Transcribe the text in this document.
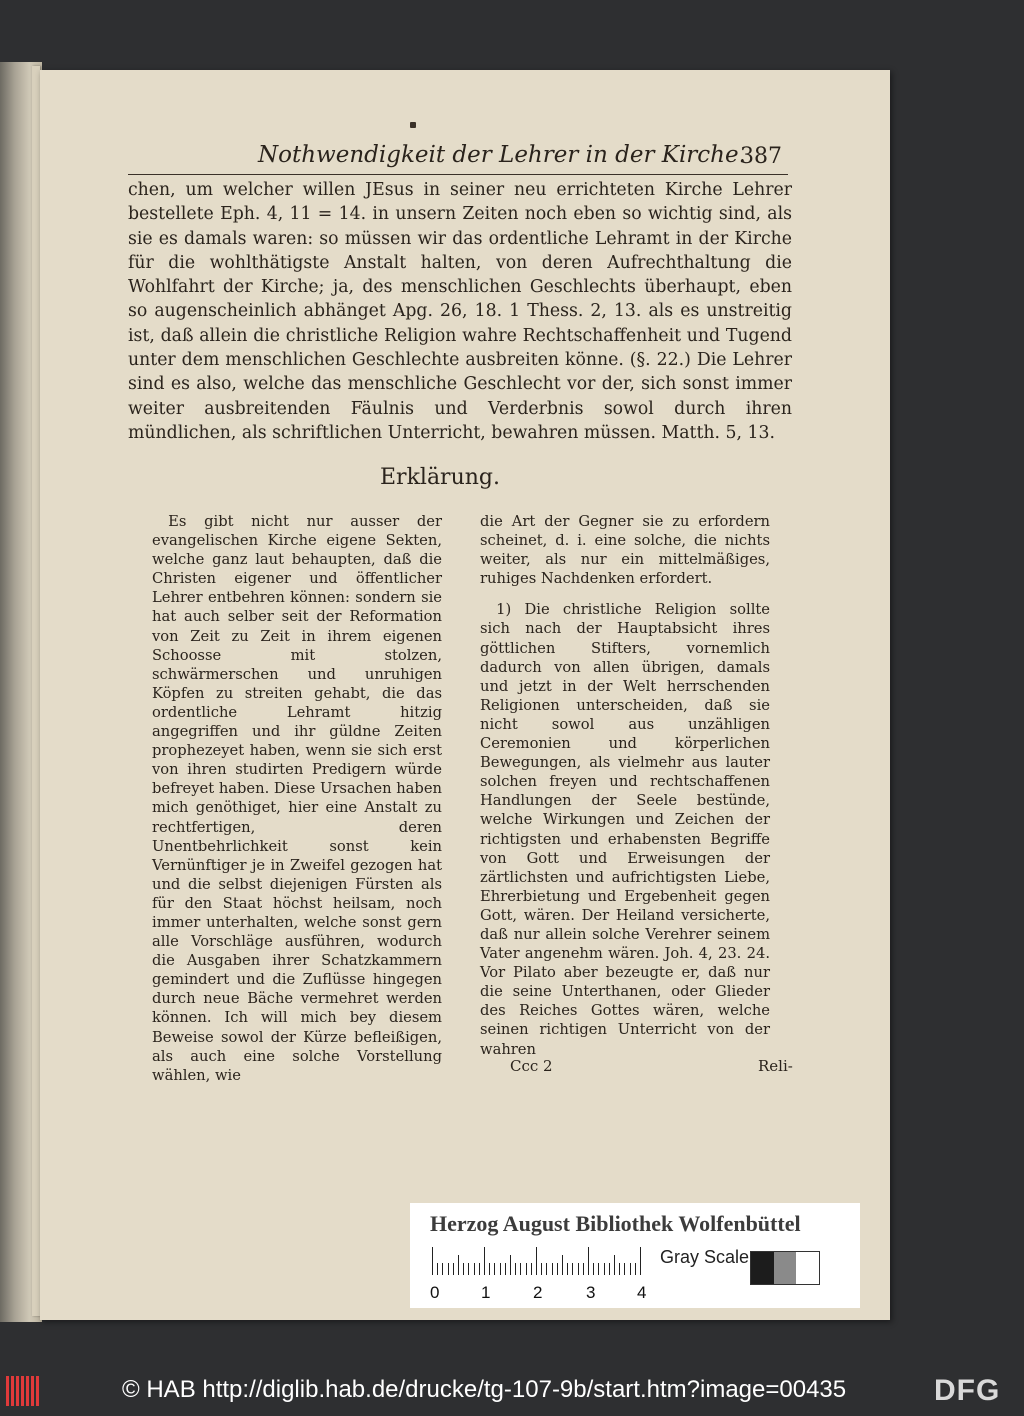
Nothwendigkeit der Lehrer in der Kirche.
387
chen, um welcher willen JEsus in seiner neu errichteten Kirche Lehrer bestellete Eph. 4, 11 = 14. in unsern Zeiten noch eben so wichtig sind, als sie es damals waren: so müssen wir das ordentliche Lehramt in der Kirche für die wohlthätigste Anstalt halten, von deren Aufrechthaltung die Wohlfahrt der Kirche; ja, des menschlichen Geschlechts überhaupt, eben so augenscheinlich abhänget Apg. 26, 18. 1 Thess. 2, 13. als es unstreitig ist, daß allein die christliche Religion wahre Rechtschaffenheit und Tugend unter dem menschlichen Geschlechte ausbreiten könne. (§. 22.) Die Lehrer sind es also, welche das menschliche Geschlecht vor der, sich sonst immer weiter ausbreitenden Fäulnis und Verderbnis sowol durch ihren mündlichen, als schriftlichen Unterricht, bewahren müssen. Matth. 5, 13.
Erklärung.

Es gibt nicht nur ausser der evangelischen Kirche eigene Sekten, welche ganz laut behaupten, daß die Christen eigener und öffentlicher Lehrer entbehren können: sondern sie hat auch selber seit der Reformation von Zeit zu Zeit in ihrem eigenen Schoosse mit stolzen, schwärmerschen und unruhigen Köpfen zu streiten gehabt, die das ordentliche Lehramt hitzig angegriffen und ihr güldne Zeiten prophezeyet haben, wenn sie sich erst von ihren studirten Predigern würde befreyet haben. Diese Ursachen haben mich genöthiget, hier eine Anstalt zu rechtfertigen, deren Unentbehrlichkeit sonst kein Vernünftiger je in Zweifel gezogen hat und die selbst diejenigen Fürsten als für den Staat höchst heilsam, noch immer unterhalten, welche sonst gern alle Vorschläge ausführen, wodurch die Ausgaben ihrer Schatzkammern gemindert und die Zuflüsse hingegen durch neue Bäche vermehret werden können. Ich will mich bey diesem Beweise sowol der Kürze befleißigen, als auch eine solche Vorstellung wählen, wie

die Art der Gegner sie zu erfordern scheinet, d. i. eine solche, die nichts weiter, als nur ein mittelmäßiges, ruhiges Nachdenken erfordert.

1) Die christliche Religion sollte sich nach der Hauptabsicht ihres göttlichen Stifters, vornemlich dadurch von allen übrigen, damals und jetzt in der Welt herrschenden Religionen unterscheiden, daß sie nicht sowol aus unzähligen Ceremonien und körperlichen Bewegungen, als vielmehr aus lauter solchen freyen und rechtschaffenen Handlungen der Seele bestünde, welche Wirkungen und Zeichen der richtigsten und erhabensten Begriffe von Gott und Erweisungen der zärtlichsten und aufrichtigsten Liebe, Ehrerbietung und Ergebenheit gegen Gott, wären. Der Heiland versicherte, daß nur allein solche Verehrer seinem Vater angenehm wären. Joh. 4, 23. 24. Vor Pilato aber bezeugte er, daß nur die seine Unterthanen, oder Glieder des Reiches Gottes wären, welche seinen richtigen Unterricht von der wahren

Ccc 2	Reli-
Herzog August Bibliothek Wolfenbüttel
0 1	2	3 4
Gray Scale
© HAB http://diglib.hab.de/drucke/tg-107-9b/start.htm?image=00435	DFG
